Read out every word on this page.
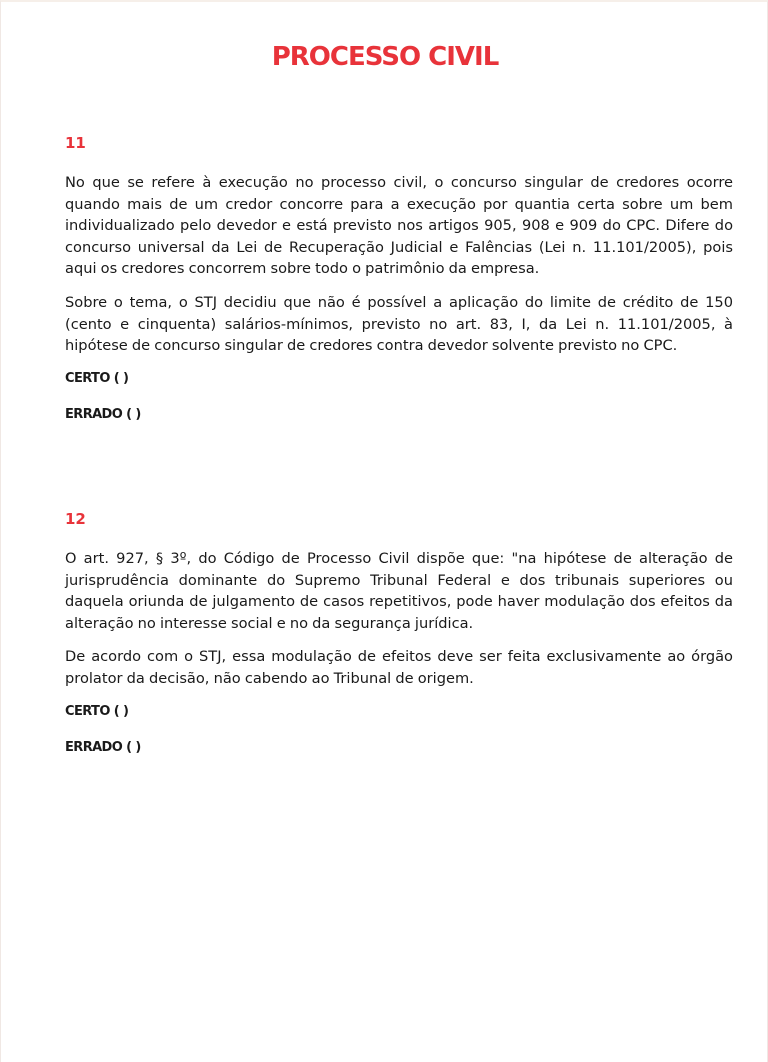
PROCESSO CIVIL

11

No que se refere à execução no processo civil, o concurso singular de credores ocorre quando mais de um credor concorre para a execução por quantia certa sobre um bem individualizado pelo devedor e está previsto nos artigos 905, 908 e 909 do CPC. Difere do concurso universal da Lei de Recuperação Judicial e Falências (Lei n. 11.101/2005), pois aqui os credores concorrem sobre todo o patrimônio da empresa.

Sobre o tema, o STJ decidiu que não é possível a aplicação do limite de crédito de 150 (cento e cinquenta) salários-mínimos, previsto no art. 83, I, da Lei n. 11.101/2005, à hipótese de concurso singular de credores contra devedor solvente previsto no CPC.

CERTO ( )

ERRADO ( )

12

O art. 927, § 3º, do Código de Processo Civil dispõe que: "na hipótese de alteração de jurisprudência dominante do Supremo Tribunal Federal e dos tribunais superiores ou daquela oriunda de julgamento de casos repetitivos, pode haver modulação dos efeitos da alteração no interesse social e no da segurança jurídica.

De acordo com o STJ, essa modulação de efeitos deve ser feita exclusivamente ao órgão prolator da decisão, não cabendo ao Tribunal de origem.

CERTO ( )

ERRADO ( )
